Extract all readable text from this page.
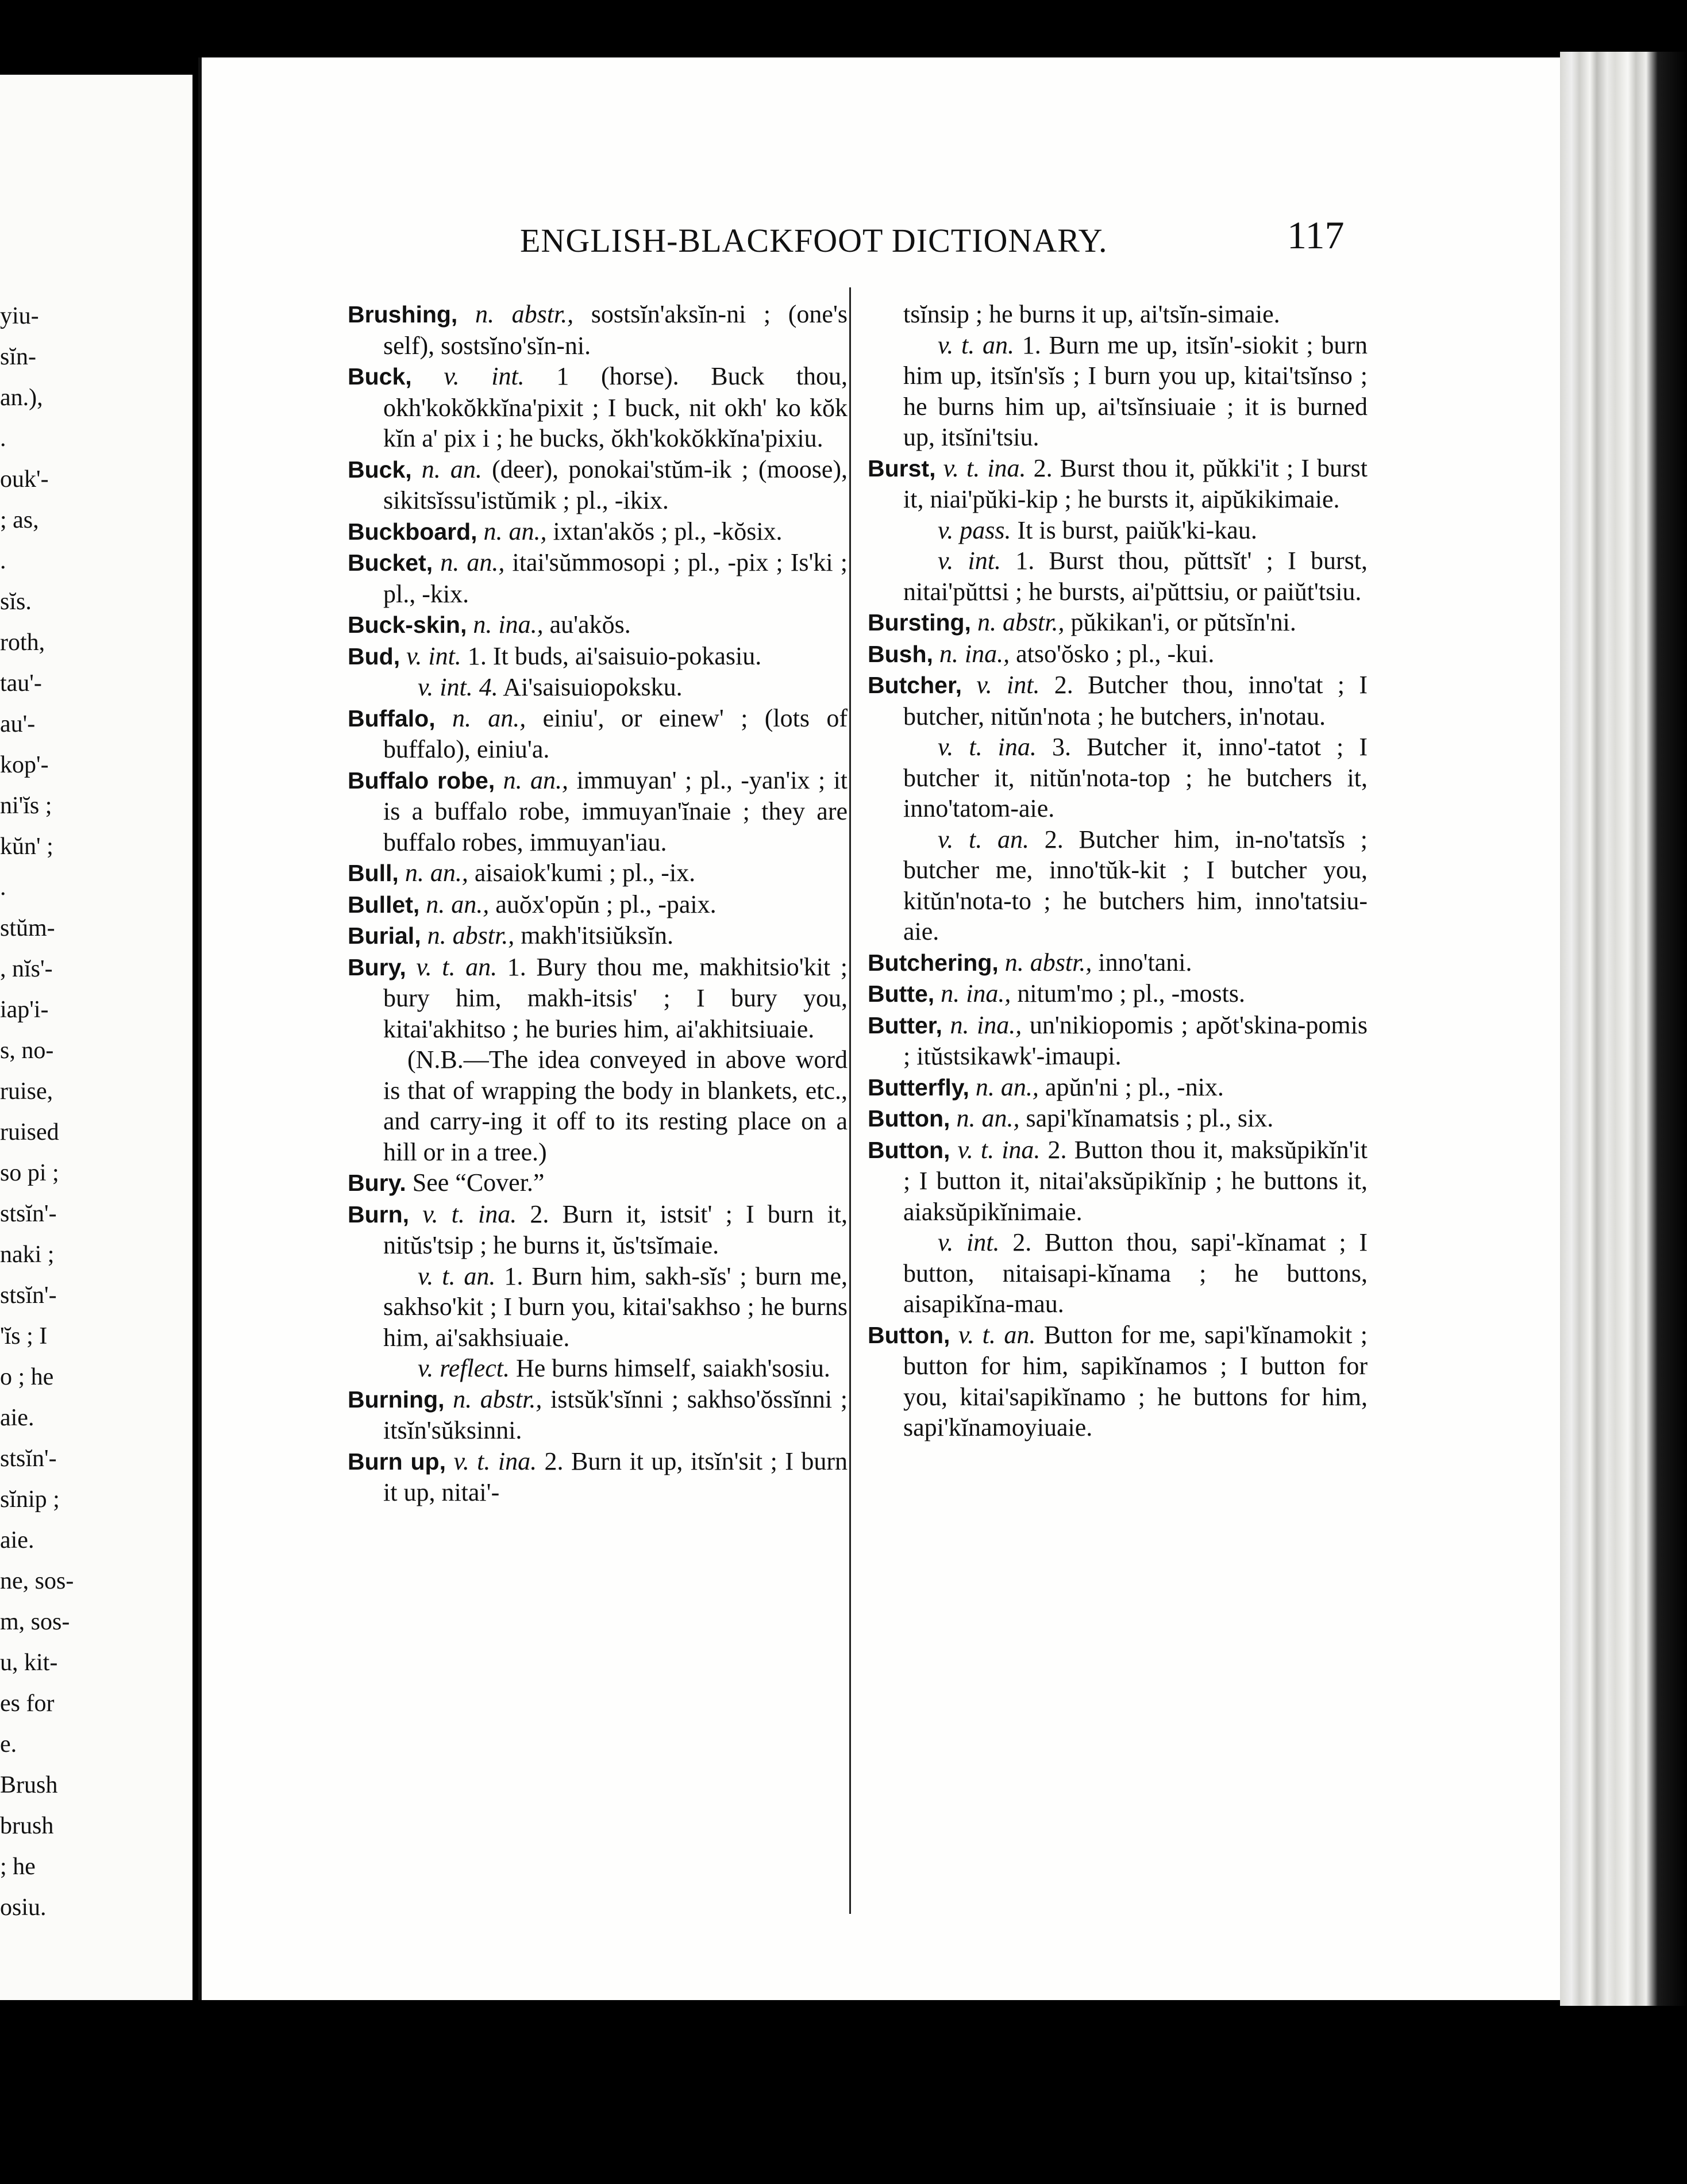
yiu-
sĭn-
an.),
.
ouk'-
; as,
.
sĭs.
roth,
tau'-
au'-
kop'-
ni'ĭs ;
kŭn' ;
.
stŭm-
, nĭs'-
iap'i-
s, no-
ruise,
ruised
so pi ;
stsĭn'-
naki ;
stsĭn'-
'ĭs ; I
o ; he
aie.
stsĭn'-
sĭnip ;
aie.
ne, sos-
m, sos-
u, kit-
es for
e.
Brush
brush
; he
osiu.
ENGLISH-BLACKFOOT DICTIONARY.	117
Brushing, n. abstr., sostsĭn'aksĭn-ni ; (one's self), sostsĭno'sĭn-ni.
Buck, v. int. 1 (horse). Buck thou, okh'kokŏkkĭna'pixit ; I buck, nit okh' ko kŏk kĭn a' pix i ; he bucks, ŏkh'kokŏkkĭna'pixiu.
Buck, n. an. (deer), ponokai'stŭm-ik ; (moose), sikitsĭssu'istŭmik ; pl., -ikix.
Buckboard, n. an., ixtan'akŏs ; pl., -kŏsix.
Bucket, n. an., itai'sŭmmosopi ; pl., -pix ; Is'ki ; pl., -kix.
Buck-skin, n. ina., au'akŏs.
Bud, v. int. 1. It buds, ai'saisuio-pokasiu.
v. int. 4. Ai'saisuiopoksku.
Buffalo, n. an., einiu', or einew' ; (lots of buffalo), einiu'a.
Buffalo robe, n. an., immuyan' ; pl., -yan'ix ; it is a buffalo robe, immuyan'ĭnaie ; they are buffalo robes, immuyan'iau.
Bull, n. an., aisaiok'kumi ; pl., -ix.
Bullet, n. an., auŏx'opŭn ; pl., -paix.
Burial, n. abstr., makh'itsiŭksĭn.
Bury, v. t. an. 1. Bury thou me, makhitsio'kit ; bury him, makh-itsis' ; I bury you, kitai'akhitso ; he buries him, ai'akhitsiuaie.
(N.B.—The idea conveyed in above word is that of wrapping the body in blankets, etc., and carry-ing it off to its resting place on a hill or in a tree.)
Bury. See “Cover.”
Burn, v. t. ina. 2. Burn it, istsit' ; I burn it, nitŭs'tsip ; he burns it, ŭs'tsĭmaie.
v. t. an. 1. Burn him, sakh-sĭs' ; burn me, sakhso'kit ; I burn you, kitai'sakhso ; he burns him, ai'sakhsiuaie.
v. reflect. He burns himself, saiakh'sosiu.
Burning, n. abstr., istsŭk'sĭnni ; sakhso'ŏssĭnni ; itsĭn'sŭksinni.
Burn up, v. t. ina. 2. Burn it up, itsĭn'sit ; I burn it up, nitai'-
tsĭnsip ; he burns it up, ai'tsĭn-simaie.
v. t. an. 1. Burn me up, itsĭn'-siokit ; burn him up, itsĭn'sĭs ; I burn you up, kitai'tsĭnso ; he burns him up, ai'tsĭnsiuaie ; it is burned up, itsĭni'tsiu.
Burst, v. t. ina. 2. Burst thou it, pŭkki'it ; I burst it, niai'pŭki-kip ; he bursts it, aipŭkikimaie.
v. pass. It is burst, paiŭk'ki-kau.
v. int. 1. Burst thou, pŭttsĭt' ; I burst, nitai'pŭttsi ; he bursts, ai'pŭttsiu, or paiŭt'tsiu.
Bursting, n. abstr., pŭkikan'i, or pŭtsĭn'ni.
Bush, n. ina., atso'ŏsko ; pl., -kui.
Butcher, v. int. 2. Butcher thou, inno'tat ; I butcher, nitŭn'nota ; he butchers, in'notau.
v. t. ina. 3. Butcher it, inno'-tatot ; I butcher it, nitŭn'nota-top ; he butchers it, inno'tatom-aie.
v. t. an. 2. Butcher him, in-no'tatsĭs ; butcher me, inno'tŭk-kit ; I butcher you, kitŭn'nota-to ; he butchers him, inno'tatsiu-aie.
Butchering, n. abstr., inno'tani.
Butte, n. ina., nitum'mo ; pl., -mosts.
Butter, n. ina., un'nikiopomis ; apŏt'skina-pomis ; itŭstsikawk'-imaupi.
Butterfly, n. an., apŭn'ni ; pl., -nix.
Button, n. an., sapi'kĭnamatsis ; pl., six.
Button, v. t. ina. 2. Button thou it, maksŭpikĭn'it ; I button it, nitai'aksŭpikĭnip ; he buttons it, aiaksŭpikĭnimaie.
v. int. 2. Button thou, sapi'-kĭnamat ; I button, nitaisapi-kĭnama ; he buttons, aisapikĭna-mau.
Button, v. t. an. Button for me, sapi'kĭnamokit ; button for him, sapikĭnamos ; I button for you, kitai'sapikĭnamo ; he buttons for him, sapi'kĭnamoyiuaie.
